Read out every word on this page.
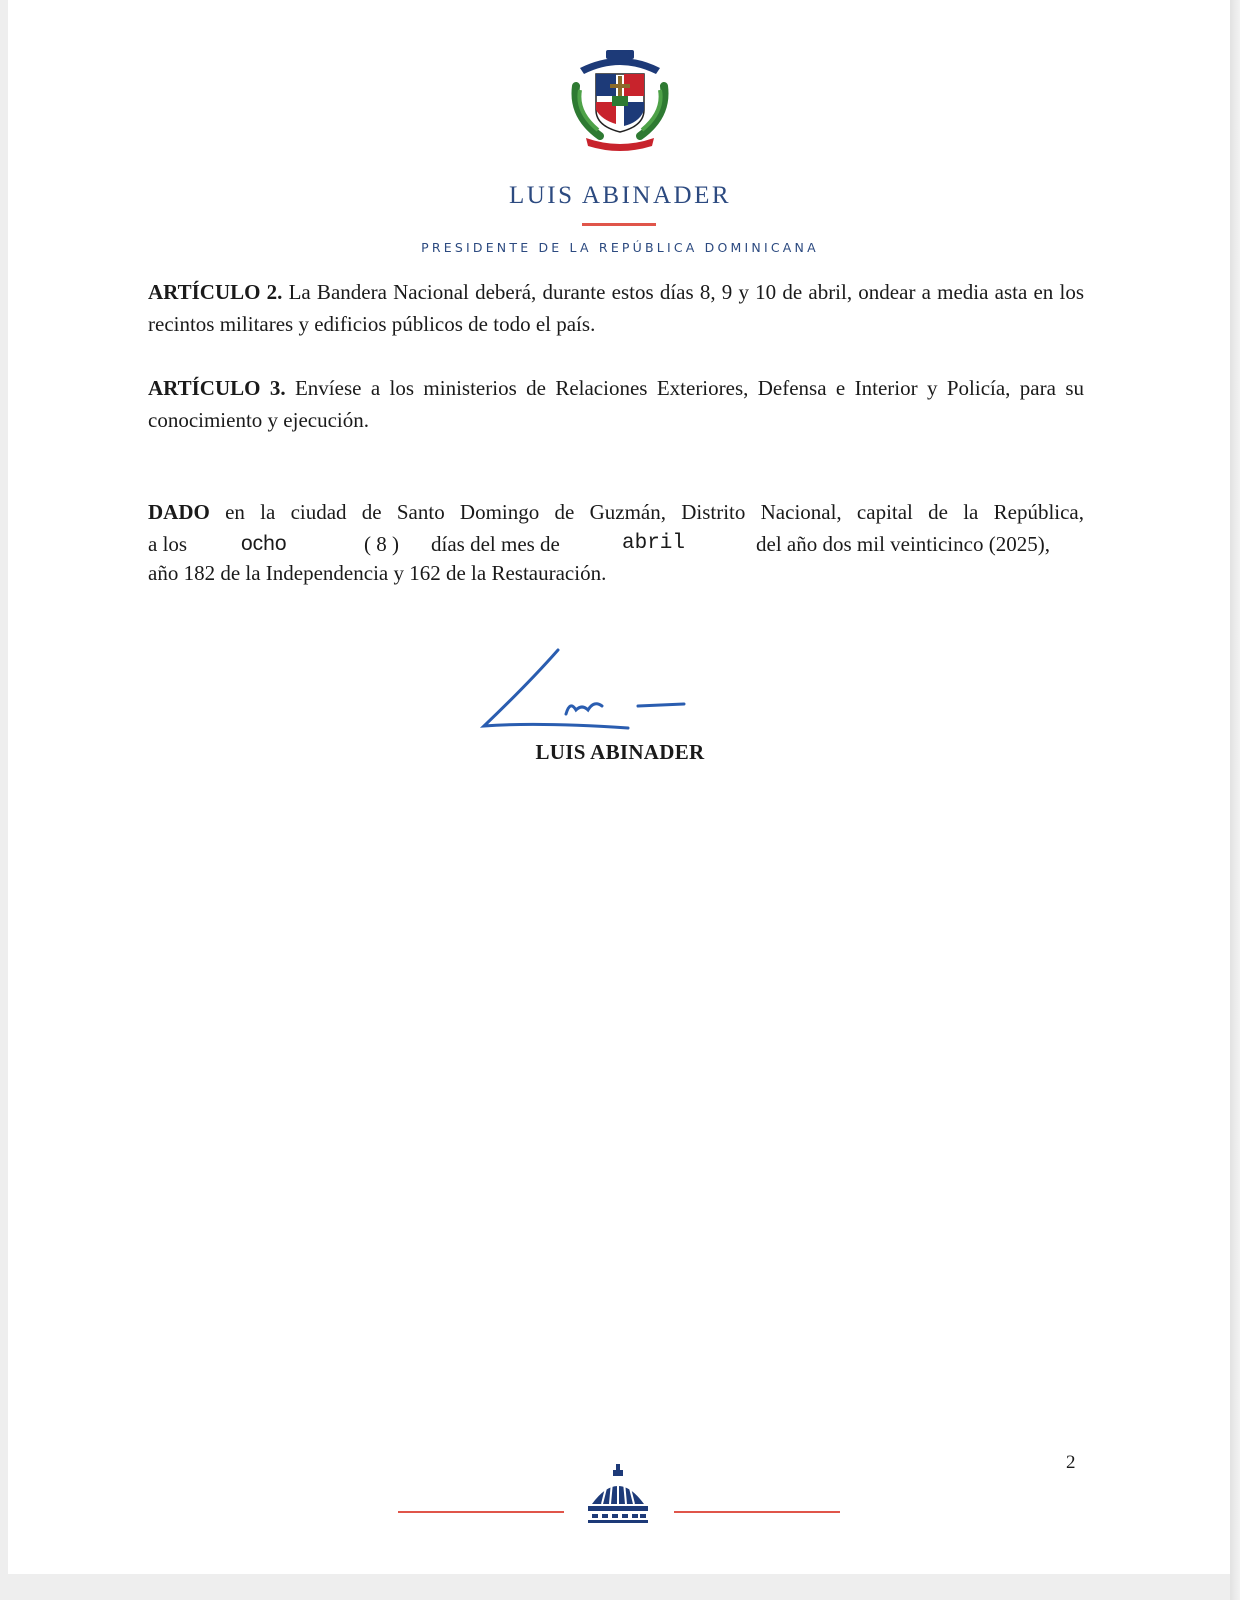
LUIS ABINADER
PRESIDENTE DE LA REPÚBLICA DOMINICANA
ARTÍCULO 2. La Bandera Nacional deberá, durante estos días 8, 9 y 10 de abril, ondear a media asta en los recintos militares y edificios públicos de todo el país.
ARTÍCULO 3. Envíese a los ministerios de Relaciones Exteriores, Defensa e Interior y Policía, para su conocimiento y ejecución.
DADO en la ciudad de Santo Domingo de Guzmán, Distrito Nacional, capital de la República,
a los	ocho	( 8 ) días del mes de	abril	del año dos mil veinticinco (2025),
año 182 de la Independencia y 162 de la Restauración.
LUIS ABINADER
2
